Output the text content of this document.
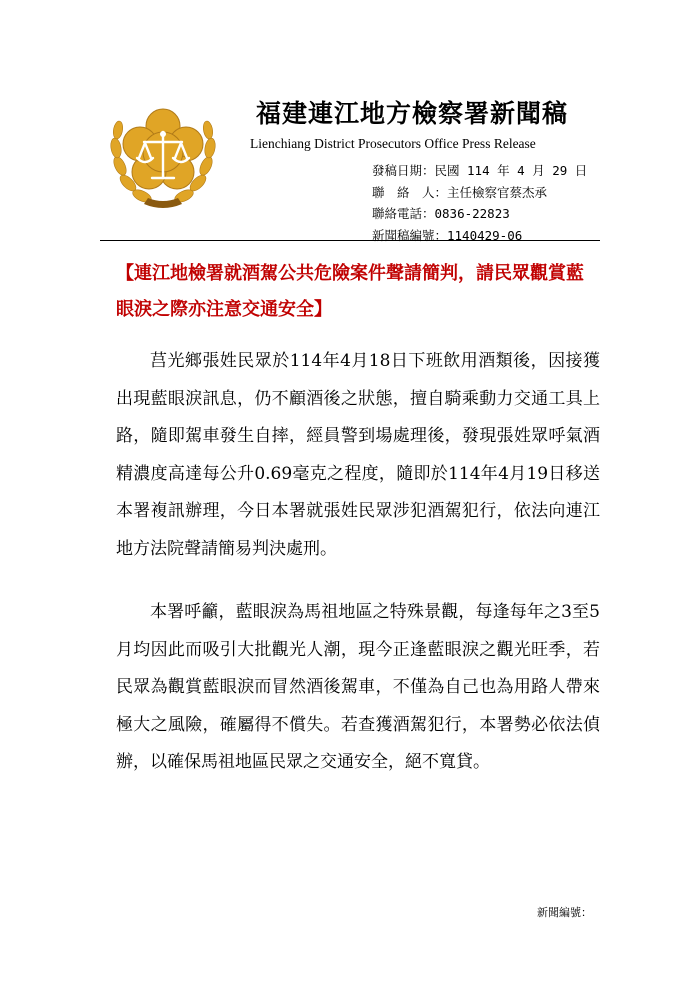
福建連江地方檢察署新聞稿
Lienchiang District Prosecutors Office Press Release
發稿日期：民國 114 年 4 月 29 日
聯　絡　人：主任檢察官蔡杰承
聯絡電話：0836-22823
新聞稿編號：1140429-06
【連江地檢署就酒駕公共危險案件聲請簡判，請民眾觀賞藍眼淚之際亦注意交通安全】
莒光鄉張姓民眾於114年4月18日下班飲用酒類後，因接獲出現藍眼淚訊息，仍不顧酒後之狀態，擅自騎乘動力交通工具上路，隨即駕車發生自摔，經員警到場處理後，發現張姓眾呼氣酒精濃度高達每公升0.69毫克之程度，隨即於114年4月19日移送本署複訊辦理，今日本署就張姓民眾涉犯酒駕犯行，依法向連江地方法院聲請簡易判決處刑。
本署呼籲，藍眼淚為馬祖地區之特殊景觀，每逢每年之3至5月均因此而吸引大批觀光人潮，現今正逢藍眼淚之觀光旺季，若民眾為觀賞藍眼淚而冒然酒後駕車，不僅為自己也為用路人帶來極大之風險，確屬得不償失。若查獲酒駕犯行，本署勢必依法偵辦，以確保馬祖地區民眾之交通安全，絕不寬貸。
新聞編號：
